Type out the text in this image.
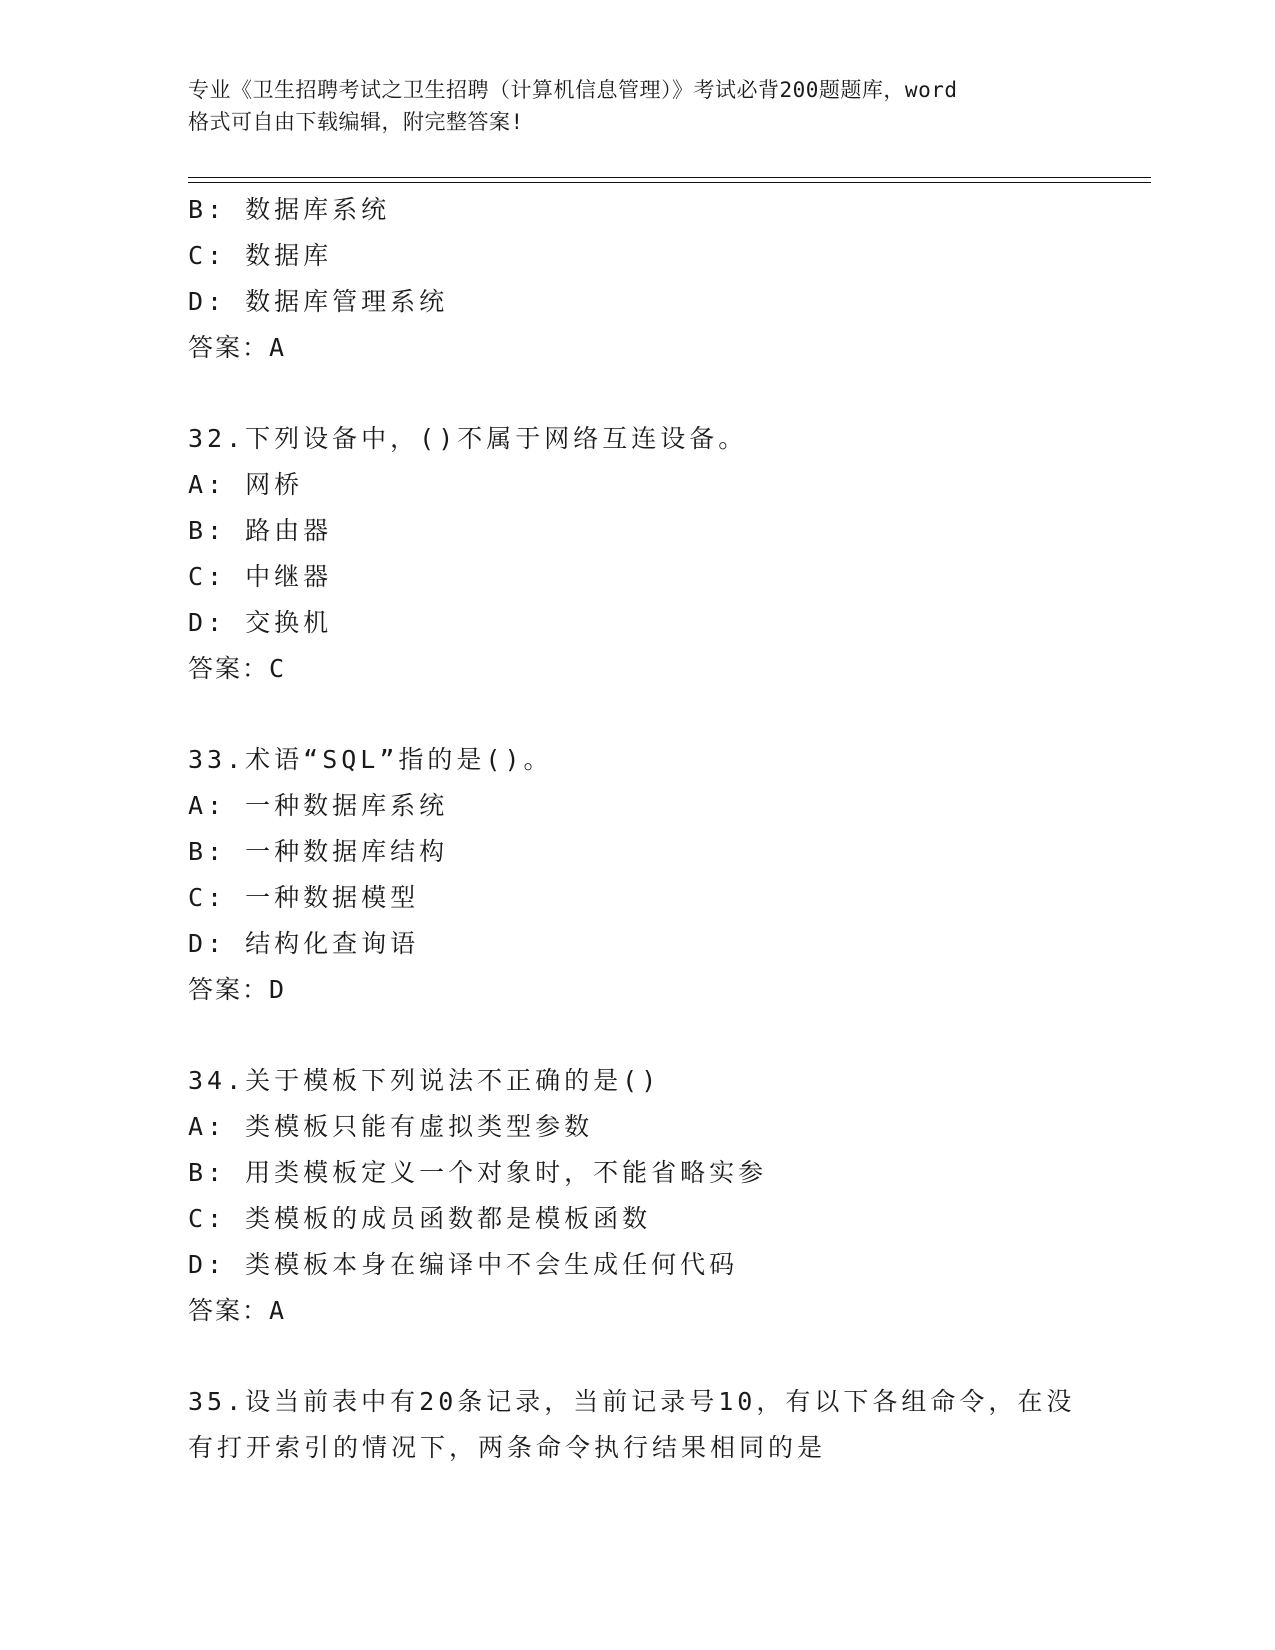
专业《卫生招聘考试之卫生招聘（计算机信息管理）》考试必背200题题库，word
格式可自由下载编辑，附完整答案!
B: 数据库系统
C: 数据库
D: 数据库管理系统
答案：A
32.下列设备中，()不属于网络互连设备。
A: 网桥
B: 路由器
C: 中继器
D: 交换机
答案：C
33.术语“SQL”指的是()。
A: 一种数据库系统
B: 一种数据库结构
C: 一种数据模型
D: 结构化查询语
答案：D
34.关于模板下列说法不正确的是()
A: 类模板只能有虚拟类型参数
B: 用类模板定义一个对象时，不能省略实参
C: 类模板的成员函数都是模板函数
D: 类模板本身在编译中不会生成任何代码
答案：A
35.设当前表中有20条记录，当前记录号10，有以下各组命令，在没
有打开索引的情况下，两条命令执行结果相同的是
